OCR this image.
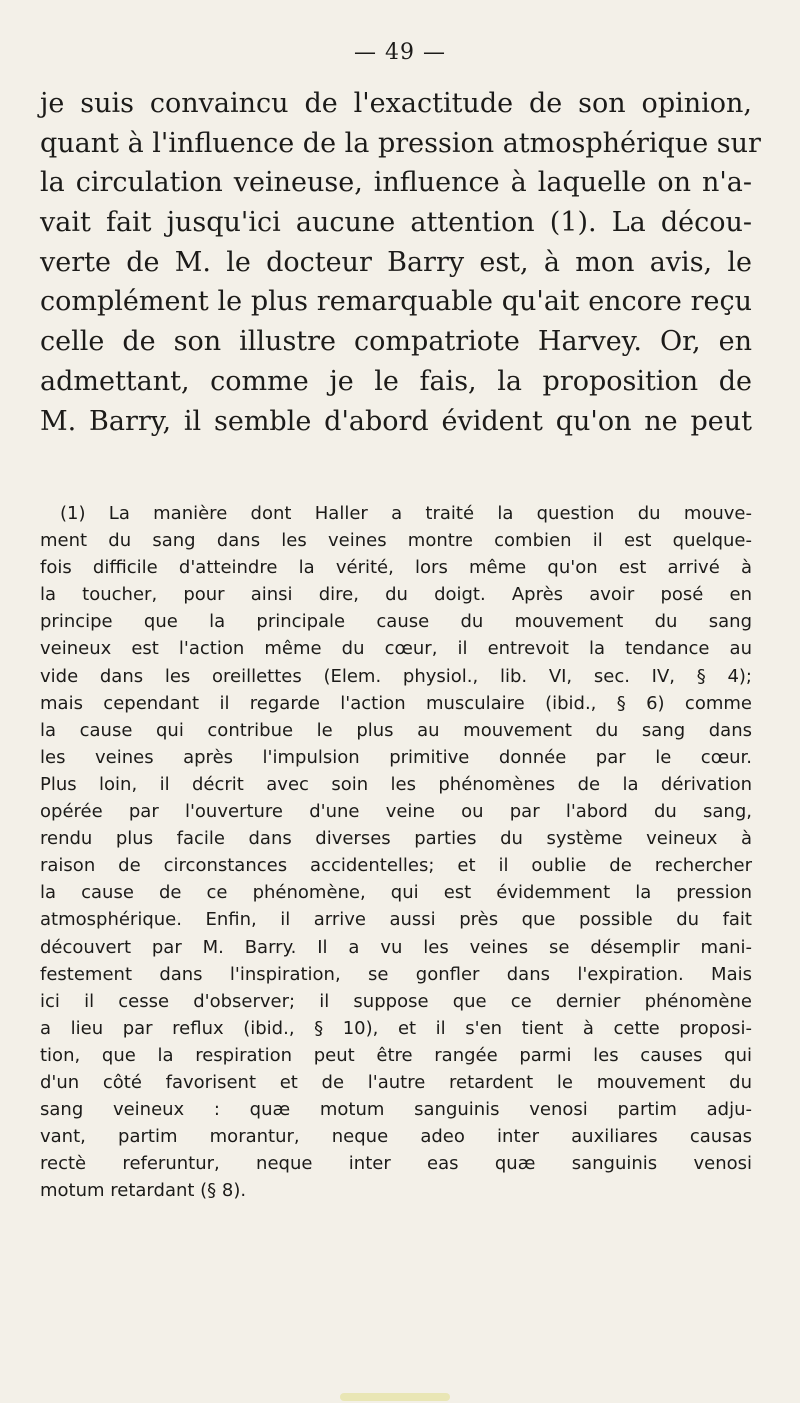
— 49 —
je suis convaincu de l'exactitude de son opinion,
quant à l'influence de la pression atmosphérique sur
la circulation veineuse, influence à laquelle on n'a-
vait fait jusqu'ici aucune attention (1). La décou-
verte de M. le docteur Barry est, à mon avis, le
complément le plus remarquable qu'ait encore reçu
celle de son illustre compatriote Harvey. Or, en
admettant, comme je le fais, la proposition de
M. Barry, il semble d'abord évident qu'on ne peut
(1) La manière dont Haller a traité la question du mouve-
ment du sang dans les veines montre combien il est quelque-
fois difficile d'atteindre la vérité, lors même qu'on est arrivé à
la toucher, pour ainsi dire, du doigt. Après avoir posé en
principe que la principale cause du mouvement du sang
veineux est l'action même du cœur, il entrevoit la tendance au
vide dans les oreillettes (Elem. physiol., lib. VI, sec. IV, § 4);
mais cependant il regarde l'action musculaire (ibid., § 6) comme
la cause qui contribue le plus au mouvement du sang dans
les veines après l'impulsion primitive donnée par le cœur.
Plus loin, il décrit avec soin les phénomènes de la dérivation
opérée par l'ouverture d'une veine ou par l'abord du sang,
rendu plus facile dans diverses parties du système veineux à
raison de circonstances accidentelles; et il oublie de rechercher
la cause de ce phénomène, qui est évidemment la pression
atmosphérique. Enfin, il arrive aussi près que possible du fait
découvert par M. Barry. Il a vu les veines se désemplir mani-
festement dans l'inspiration, se gonfler dans l'expiration. Mais
ici il cesse d'observer; il suppose que ce dernier phénomène
a lieu par reflux (ibid., § 10), et il s'en tient à cette proposi-
tion, que la respiration peut être rangée parmi les causes qui
d'un côté favorisent et de l'autre retardent le mouvement du
sang veineux : quæ motum sanguinis venosi partim adju-
vant, partim morantur, neque adeo inter auxiliares causas
rectè referuntur, neque inter eas quæ sanguinis venosi
motum retardant (§ 8).
